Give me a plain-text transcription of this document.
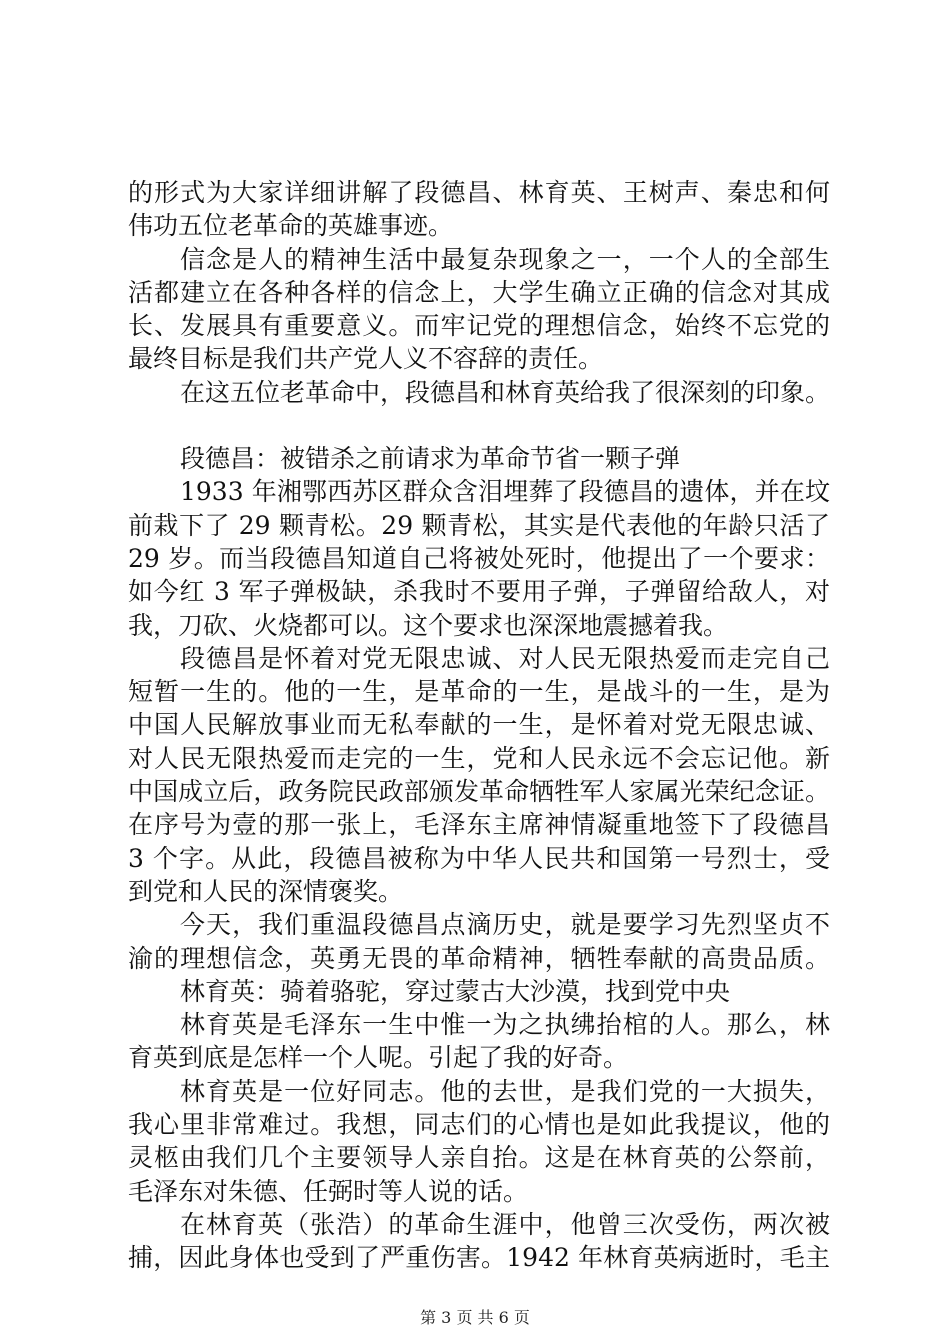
的形式为大家详细讲解了段德昌、林育英、王树声、秦忠和何
伟功五位老革命的英雄事迹。
信念是人的精神生活中最复杂现象之一，一个人的全部生
活都建立在各种各样的信念上，大学生确立正确的信念对其成
长、发展具有重要意义。而牢记党的理想信念，始终不忘党的
最终目标是我们共产党人义不容辞的责任。
在这五位老革命中，段德昌和林育英给我了很深刻的印象。
段德昌：被错杀之前请求为革命节省一颗子弹
1933 年湘鄂西苏区群众含泪埋葬了段德昌的遗体，并在坟
前栽下了 29 颗青松。29 颗青松，其实是代表他的年龄只活了
29 岁。而当段德昌知道自己将被处死时，他提出了一个要求：
如今红 3 军子弹极缺，杀我时不要用子弹，子弹留给敌人，对
我，刀砍、火烧都可以。这个要求也深深地震撼着我。
段德昌是怀着对党无限忠诚、对人民无限热爱而走完自己
短暂一生的。他的一生，是革命的一生，是战斗的一生，是为
中国人民解放事业而无私奉献的一生，是怀着对党无限忠诚、
对人民无限热爱而走完的一生，党和人民永远不会忘记他。新
中国成立后，政务院民政部颁发革命牺牲军人家属光荣纪念证。
在序号为壹的那一张上，毛泽东主席神情凝重地签下了段德昌
3 个字。从此，段德昌被称为中华人民共和国第一号烈士，受
到党和人民的深情褒奖。
今天，我们重温段德昌点滴历史，就是要学习先烈坚贞不
渝的理想信念，英勇无畏的革命精神，牺牲奉献的高贵品质。
林育英：骑着骆驼，穿过蒙古大沙漠，找到党中央
林育英是毛泽东一生中惟一为之执绋抬棺的人。那么，林
育英到底是怎样一个人呢。引起了我的好奇。
林育英是一位好同志。他的去世，是我们党的一大损失，
我心里非常难过。我想，同志们的心情也是如此我提议，他的
灵柩由我们几个主要领导人亲自抬。这是在林育英的公祭前，
毛泽东对朱德、任弼时等人说的话。
在林育英（张浩）的革命生涯中，他曾三次受伤，两次被
捕，因此身体也受到了严重伤害。1942 年林育英病逝时，毛主
第 3 页 共 6 页
